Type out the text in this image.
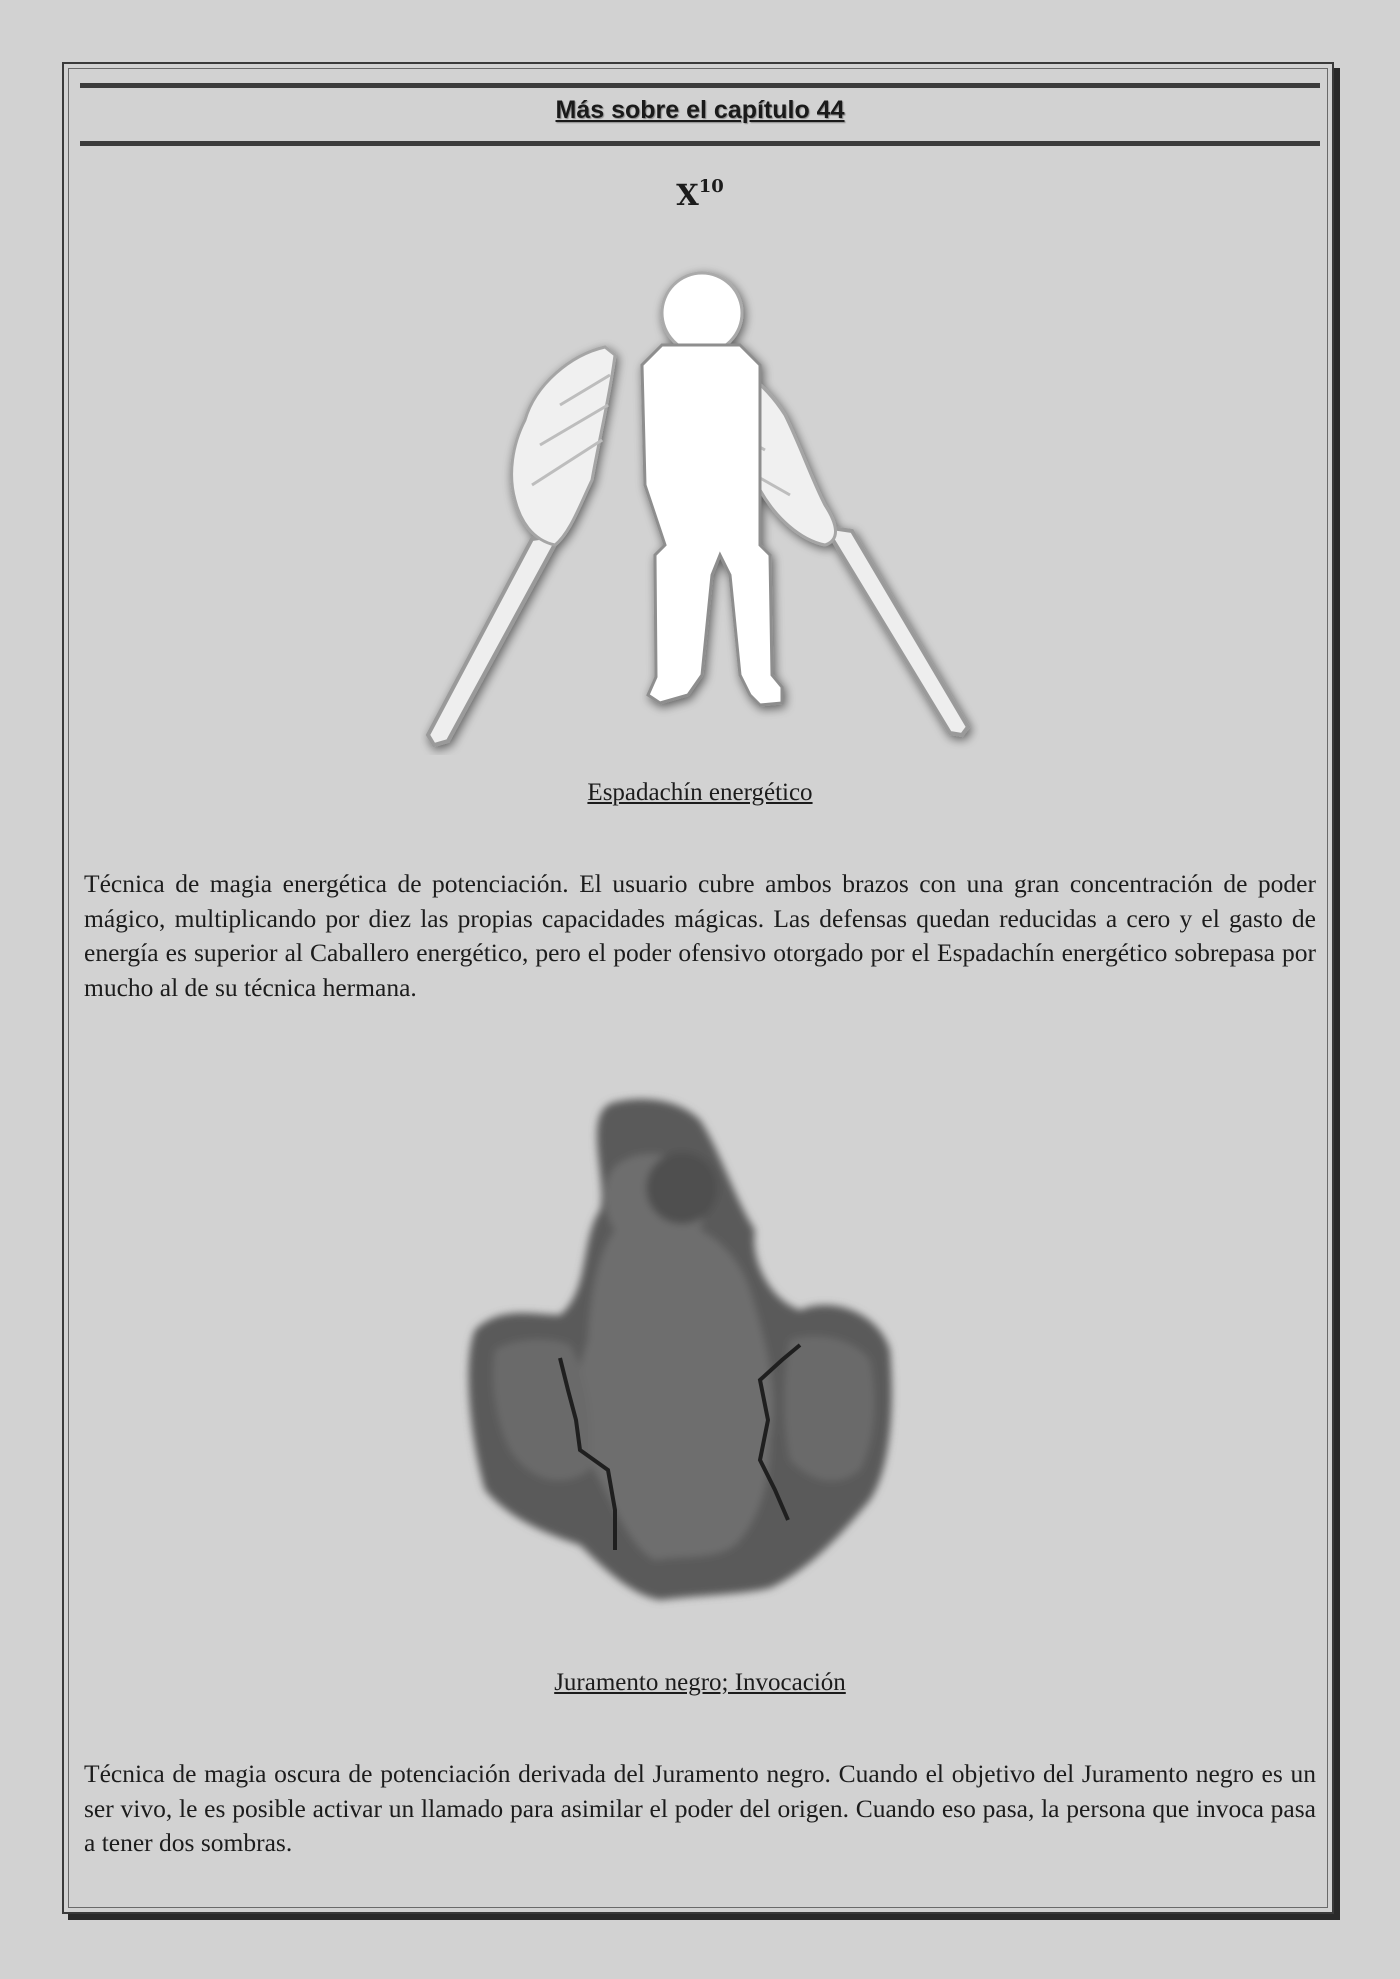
Más sobre el capítulo 44
$X^{10}$
Espadachín energético

Técnica de magia energética de potenciación. El usuario cubre ambos brazos con una gran concentración de poder mágico, multiplicando por diez las propias capacidades mágicas. Las defensas quedan reducidas a cero y el gasto de energía es superior al Caballero energético, pero el poder ofensivo otorgado por el Espadachín energético sobrepasa por mucho al de su técnica hermana.

Juramento negro; Invocación

Técnica de magia oscura de potenciación derivada del Juramento negro. Cuando el objetivo del Juramento negro es un ser vivo, le es posible activar un llamado para asimilar el poder del origen. Cuando eso pasa, la persona que invoca pasa a tener dos sombras.
